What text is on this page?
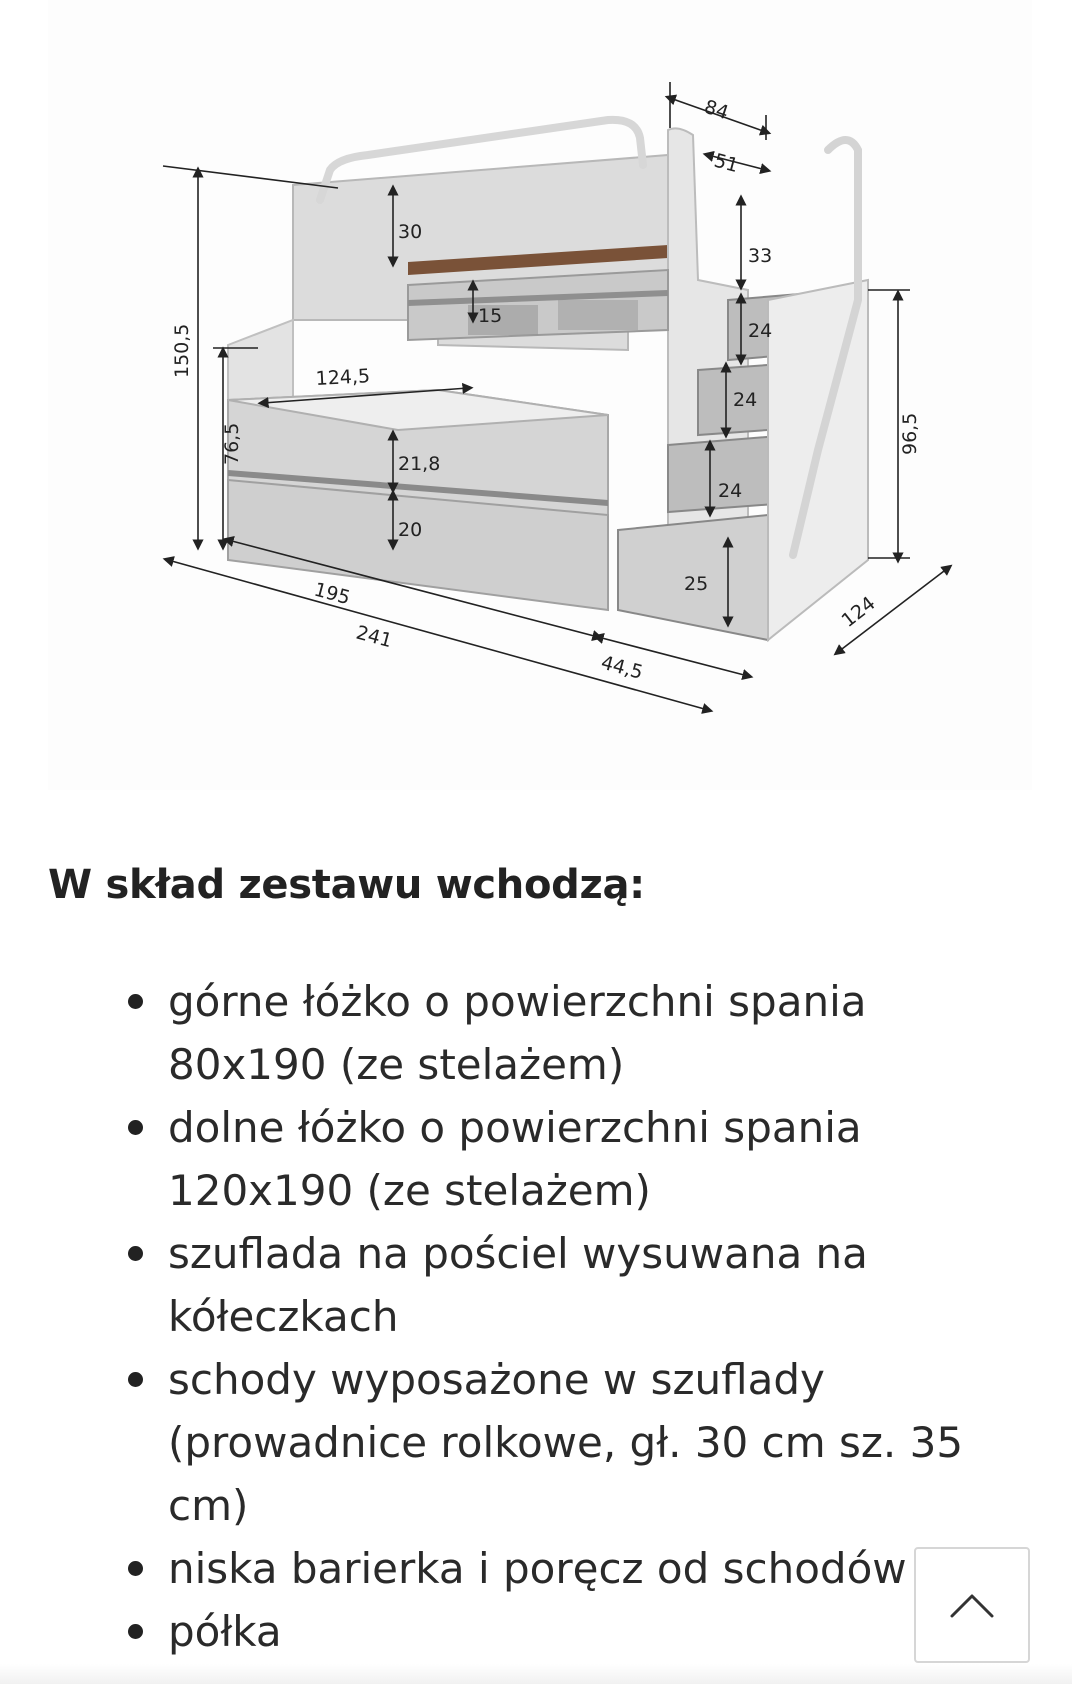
84
51
30
33
150,5
15
24
24
24
124,5
76,5	21,8
20
96,5
25
195
241
44,5
124
W skład zestawu wchodzą:
górne łóżko o powierzchni spania
80x190 (ze stelażem)
dolne łóżko o powierzchni spania
120x190 (ze stelażem)
szuflada na pościel wysuwana na
kółeczkach
schody wyposażone w szuflady
(prowadnice rolkowe, gł. 30 cm sz. 35
cm)
niska barierka i poręcz od schodów
półka
